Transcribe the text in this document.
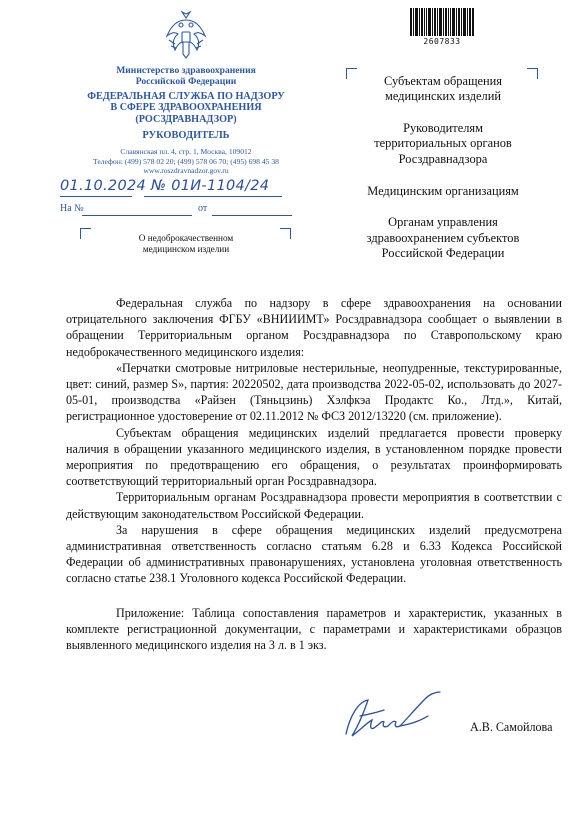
Министерство здравоохранения
Российской Федерации
ФЕДЕРАЛЬНАЯ СЛУЖБА ПО НАДЗОРУ
В СФЕРЕ ЗДРАВООХРАНЕНИЯ
(РОСЗДРАВНАДЗОР)
РУКОВОДИТЕЛЬ
Славянская пл. 4, стр. 1, Москва, 109012
Телефон: (499) 578 02 20; (499) 578 06 70; (495) 698 45 38
www.roszdravnadzor.gov.ru
01.10.2024 № 01И-1104/24
На №	от
О недоброкачественном
медицинском изделии
2607833
Субъектам обращения
медицинских изделий
Руководителям
территориальных органов
Росздравнадзора
Медицинским организациям
Органам управления
здравоохранением субъектов
Российской Федерации

Федеральная служба по надзору в сфере здравоохранения на основании отрицательного заключения ФГБУ «ВНИИИМТ» Росздравнадзора сообщает о выявлении в обращении Территориальным органом Росздравнадзора по Ставропольскому краю недоброкачественного медицинского изделия:

«Перчатки смотровые нитриловые нестерильные, неопудренные, текстурированные, цвет: синий, размер S», партия: 20220502, дата производства 2022-05-02, использовать до 2027-05-01, производства «Райзен (Тяньцзинь) Хэлфкэа Продактс Ко., Лтд.», Китай, регистрационное удостоверение от 02.11.2012 № ФСЗ 2012/13220 (см. приложение).

Субъектам обращения медицинских изделий предлагается провести проверку наличия в обращении указанного медицинского изделия, в установленном порядке провести мероприятия по предотвращению его обращения, о результатах проинформировать соответствующий территориальный орган Росздравнадзора.

Территориальным органам Росздравнадзора провести мероприятия в соответствии с действующим законодательством Российской Федерации.

За нарушения в сфере обращения медицинских изделий предусмотрена административная ответственность согласно статьям 6.28 и 6.33 Кодекса Российской Федерации об административных правонарушениях, установлена уголовная ответственность согласно статье 238.1 Уголовного кодекса Российской Федерации.

Приложение: Таблица сопоставления параметров и характеристик, указанных в комплекте регистрационной документации, с параметрами и характеристиками образцов выявленного медицинского изделия на 3 л. в 1 экз.

А.В. Самойлова
